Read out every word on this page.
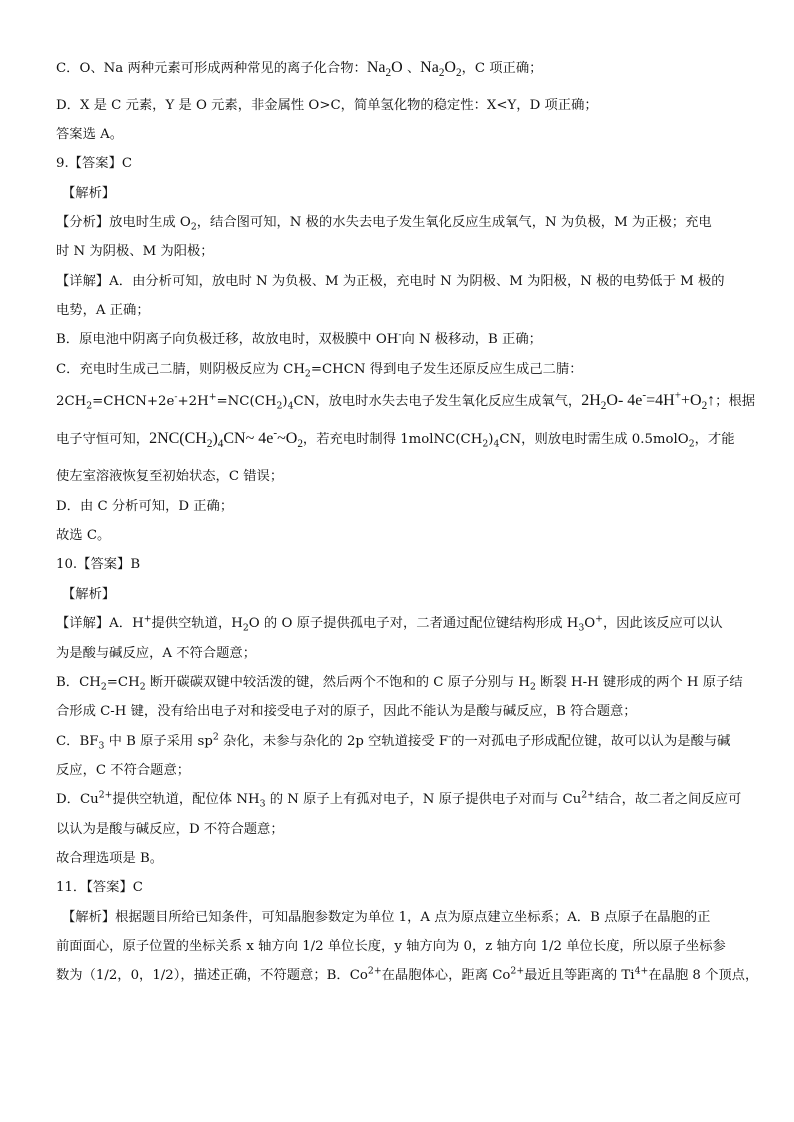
C．O、Na 两种元素可形成两种常见的离子化合物：$Na_2O$ 、$Na_2O_2$，C 项正确；
D．X 是 C 元素，Y 是 O 元素，非金属性 O>C，简单氢化物的稳定性：X<Y，D 项正确；
答案选 A。
9.【答案】C
【解析】
【分析】放电时生成 $O_2$，结合图可知，N 极的水失去电子发生氧化反应生成氧气，N 为负极，M 为正极；充电
时 N 为阴极、M 为阳极；
【详解】A．由分析可知，放电时 N 为负极、M 为正极，充电时 N 为阴极、M 为阳极，N 极的电势低于 M 极的
电势，A 正确；
B．原电池中阴离子向负极迁移，故放电时，双极膜中 OH-向 N 极移动，B 正确；
C．充电时生成己二腈，则阴极反应为 $CH_2=CHCN$ 得到电子发生还原反应生成己二腈：
$2CH_2=CHCN+2e^-+2H^+=NC(CH_2)_4CN$，放电时水失去电子发生氧化反应生成氧气，$2H_2O-$ $4e^-=4H^++O_2↑$；根据
电子守恒可知，$2NC(CH_2)_4CN\sim$ $4e^-\sim O_2$，若充电时制得 $1molNC(CH_2)_4CN$，则放电时需生成 0.5molO$_2$，才能
使左室溶液恢复至初始状态，C 错误；
D．由 C 分析可知，D 正确；
故选 C。
10.【答案】B
【解析】
【详解】A．H+提供空轨道，$H_2O$ 的 O 原子提供孤电子对，二者通过配位键结构形成 $H_3O^+$，因此该反应可以认
为是酸与碱反应，A 不符合题意；
B．$CH_2=CH_2$ 断开碳碳双键中较活泼的键，然后两个不饱和的 C 原子分别与 $H_2$ 断裂 H-H 键形成的两个 H 原子结
合形成 C-H 键，没有给出电子对和接受电子对的原子，因此不能认为是酸与碱反应，B 符合题意；
C．$BF_3$ 中 B 原子采用 $sp^2$ 杂化，未参与杂化的 2p 空轨道接受 F-的一对孤电子形成配位键，故可以认为是酸与碱
反应，C 不符合题意；
D．$Cu^{2+}$提供空轨道，配位体 $NH_3$ 的 N 原子上有孤对电子，N 原子提供电子对而与 $Cu^{2+}$结合，故二者之间反应可
以认为是酸与碱反应，D 不符合题意；
故合理选项是 B。
11．【答案】C
【解析】根据题目所给已知条件，可知晶胞参数定为单位 1，A 点为原点建立坐标系；A．B 点原子在晶胞的正
前面面心，原子位置的坐标关系 x 轴方向 1/2 单位长度，y 轴方向为 0，z 轴方向 1/2 单位长度，所以原子坐标参
数为（1/2，0，1/2），描述正确，不符题意；B．$Co^{2+}$在晶胞体心，距离 $Co^{2+}$最近且等距离的 $Ti^{4+}$在晶胞 8 个顶点，
